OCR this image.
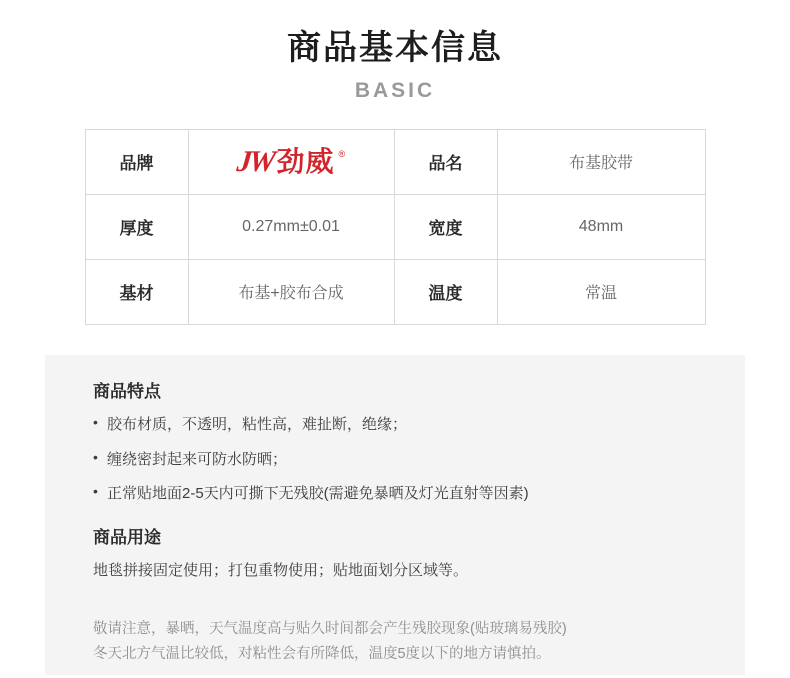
商品基本信息
BASIC
品牌	JW 劲威 ®	品名	布基胶带
厚度	0.27mm±0.01	宽度	48mm
基材	布基+胶布合成	温度	常温
商品特点
• 胶布材质，不透明，粘性高，难扯断，绝缘；
• 缠绕密封起来可防水防晒；
• 正常贴地面2-5天内可撕下无残胶(需避免暴晒及灯光直射等因素)
商品用途

地毯拼接固定使用；打包重物使用；贴地面划分区域等。

敬请注意，暴晒，天气温度高与贴久时间都会产生残胶现象(贴玻璃易残胶)
冬天北方气温比较低，对粘性会有所降低，温度5度以下的地方请慎拍。
